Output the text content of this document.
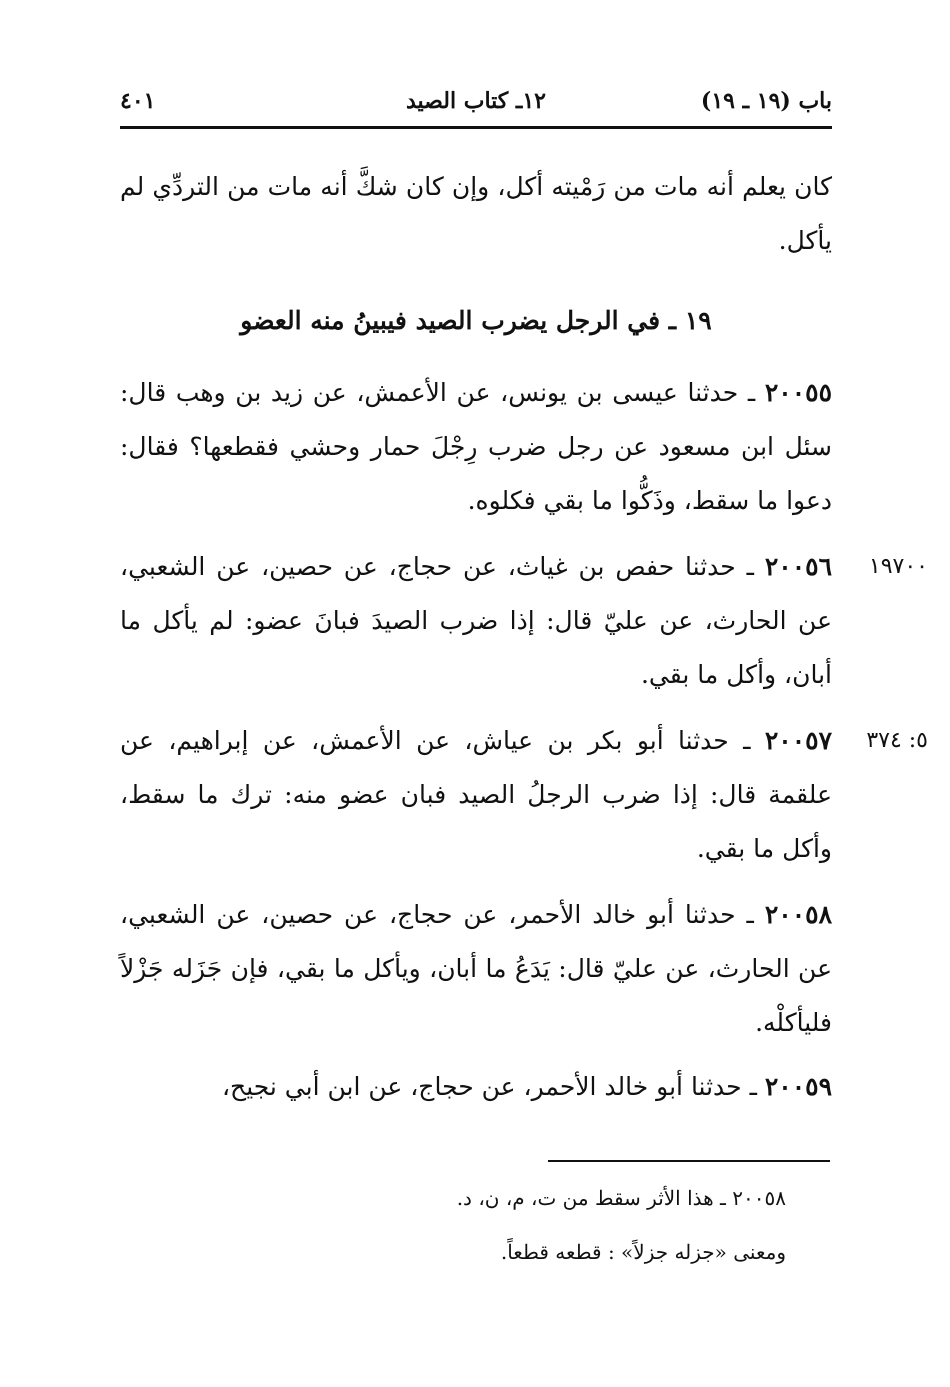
باب (١٩ ـ ١٩)
١٢ـ كتاب الصيد
٤٠١
كان يعلم أنه مات من رَمْيته أكل، وإن كان شكَّ أنه مات من التردِّي لم يأكل.
١٩ ـ في الرجل يضرب الصيد فيبينُ منه العضو
٢٠٠٥٥ ـ حدثنا عيسى بن يونس، عن الأعمش، عن زيد بن وهب قال: سئل ابن مسعود عن رجل ضرب رِجْلَ حمار وحشي فقطعها؟ فقال: دعوا ما سقط، وذَكُّوا ما بقي فكلوه.
١٩٧٠٠
٢٠٠٥٦ ـ حدثنا حفص بن غياث، عن حجاج، عن حصين، عن الشعبي، عن الحارث، عن عليّ قال: إذا ضرب الصيدَ فبانَ عضو: لم يأكل ما أبان، وأكل ما بقي.
٥: ٣٧٤
٢٠٠٥٧ ـ حدثنا أبو بكر بن عياش، عن الأعمش، عن إبراهيم، عن علقمة قال: إذا ضرب الرجلُ الصيد فبان عضو منه: ترك ما سقط، وأكل ما بقي.
٢٠٠٥٨ ـ حدثنا أبو خالد الأحمر، عن حجاج، عن حصين، عن الشعبي، عن الحارث، عن عليّ قال: يَدَعُ ما أبان، ويأكل ما بقي، فإن جَزَله جَزْلاً فليأكلْه.
٢٠٠٥٩ ـ حدثنا أبو خالد الأحمر، عن حجاج، عن ابن أبي نجيح،
٢٠٠٥٨ ـ هذا الأثر سقط من ت، م، ن، د.
ومعنى «جزله جزلاً» : قطعه قطعاً.
